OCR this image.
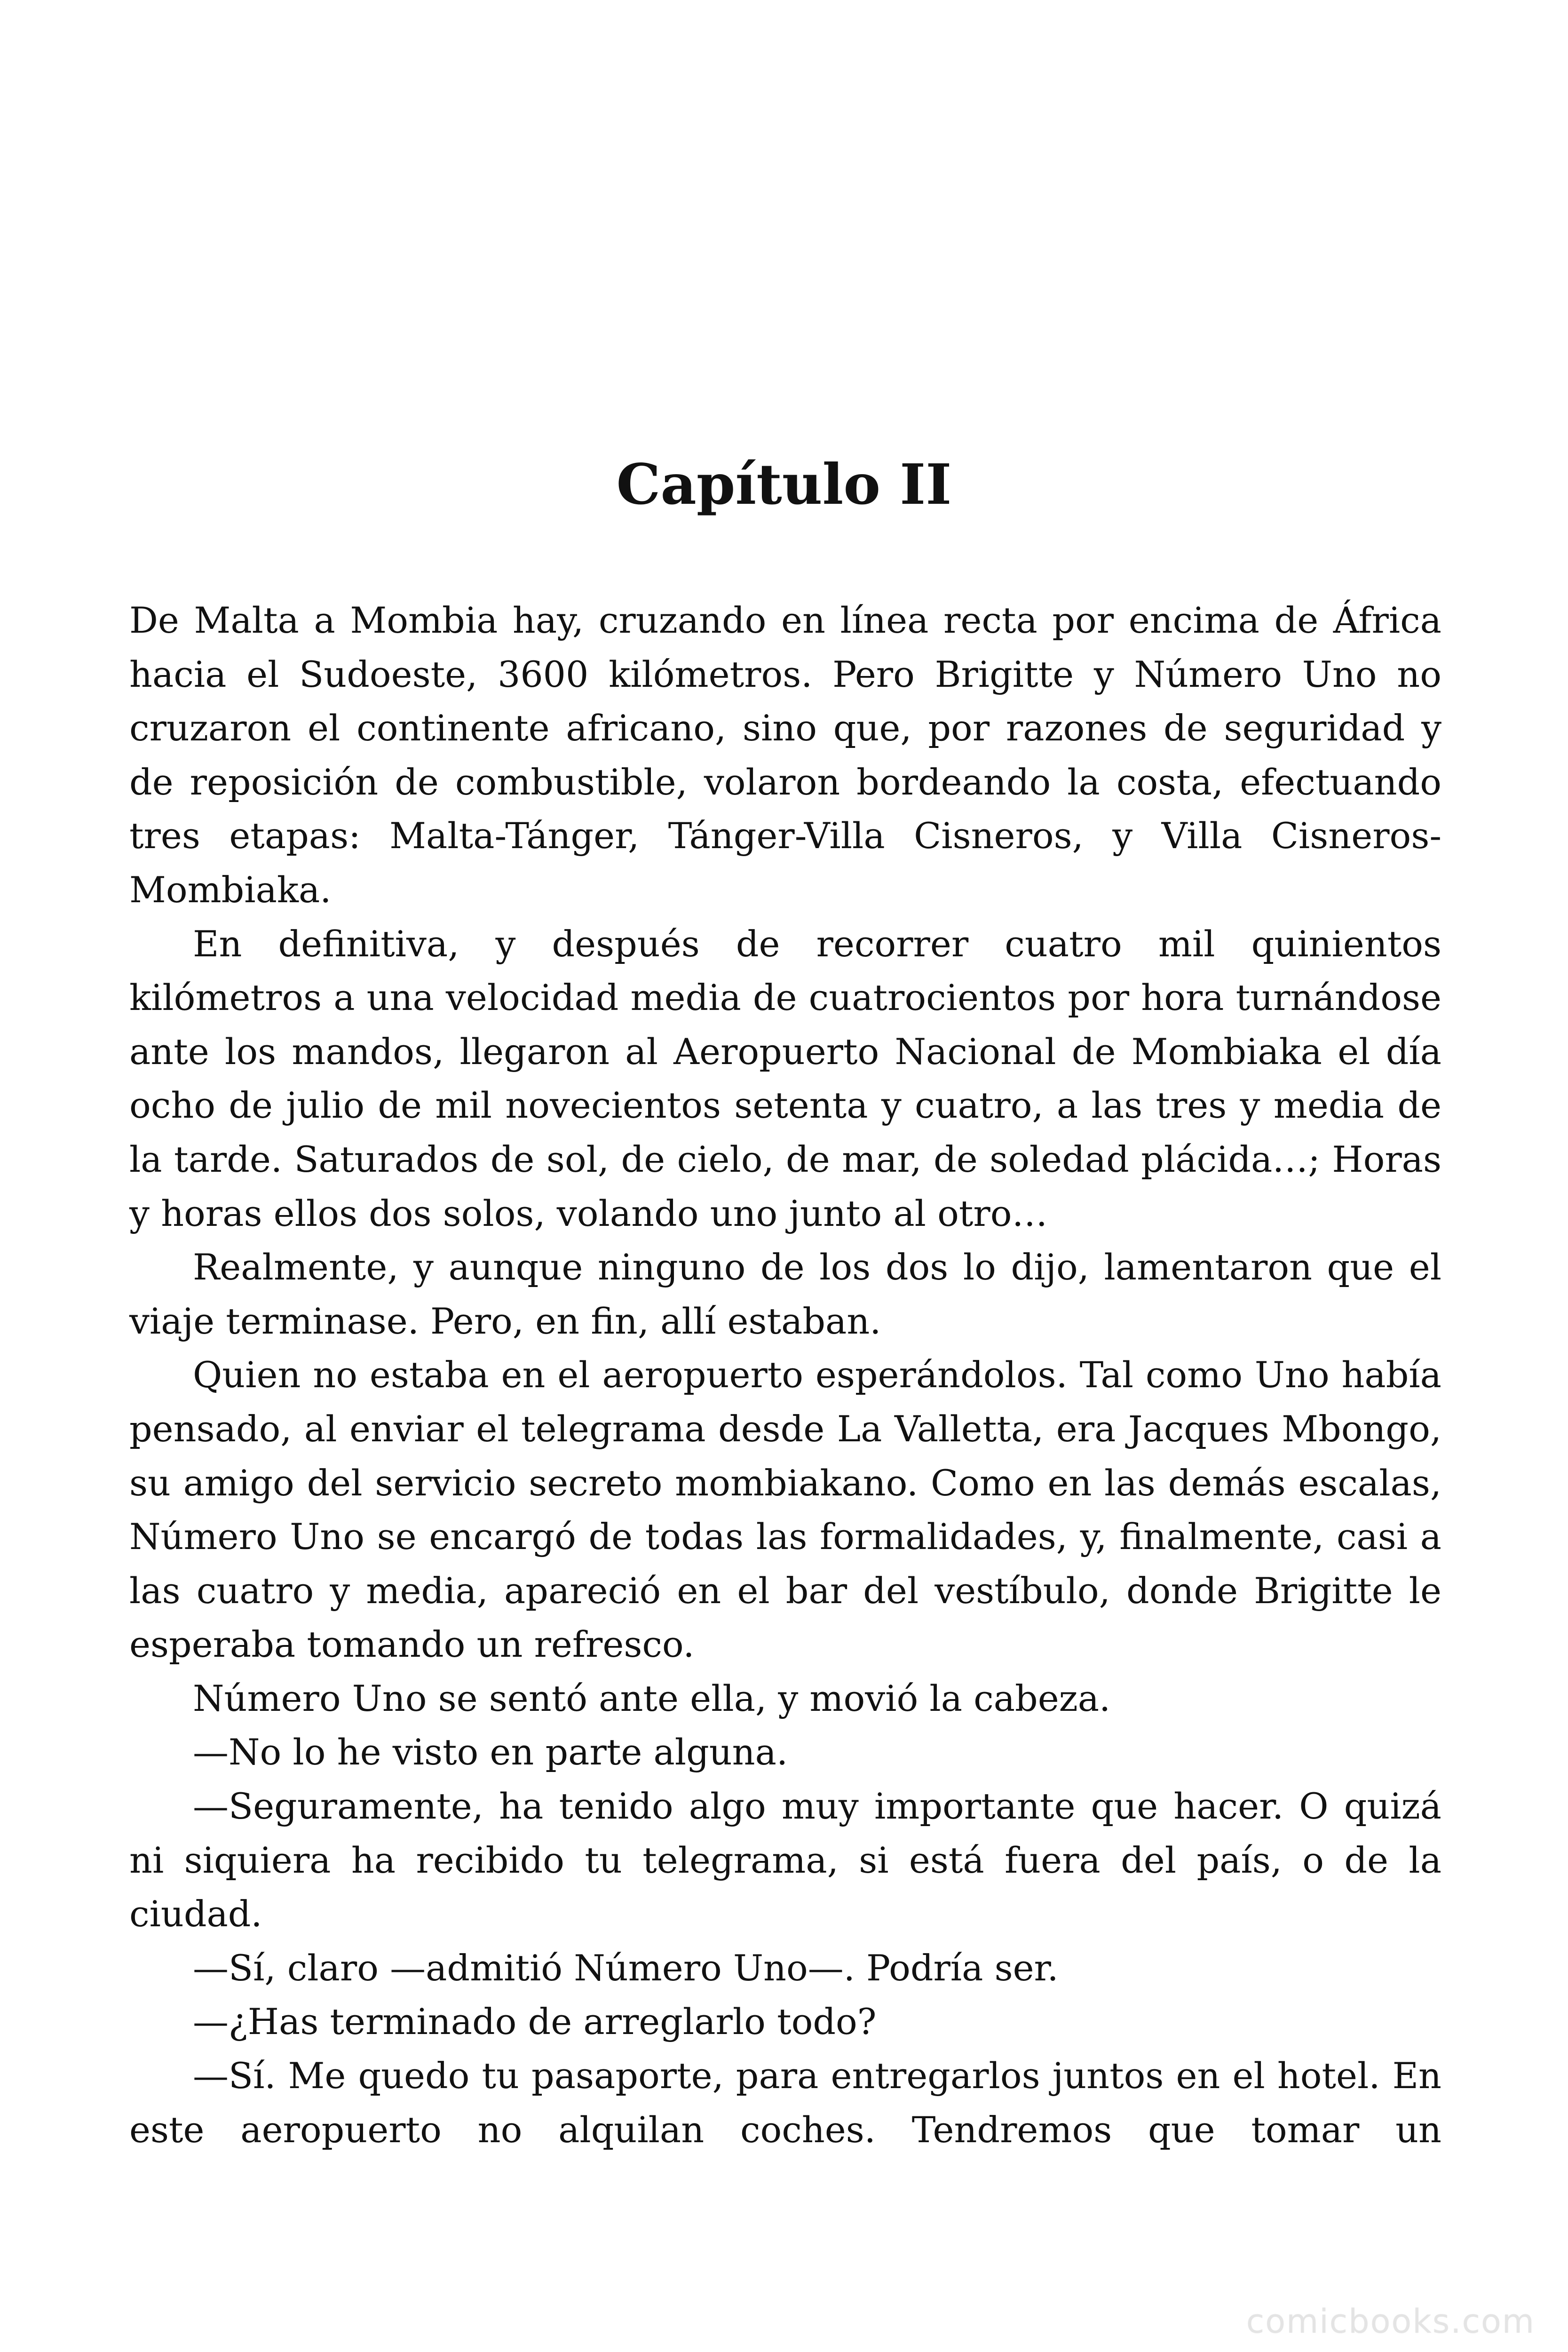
Capítulo II

De Malta a Mombia hay, cruzando en línea recta por encima de África hacia el Sudoeste, 3600 kilómetros. Pero Brigitte y Número Uno no cruzaron el continente africano, sino que, por razones de seguridad y de reposición de combustible, volaron bordeando la costa, efectuando tres etapas: Malta-Tánger, Tánger-Villa Cisneros, y Villa Cisneros-Mombiaka.

En definitiva, y después de recorrer cuatro mil quinientos kilómetros a una velocidad media de cuatrocientos por hora turnándose ante los mandos, llegaron al Aeropuerto Nacional de Mombiaka el día ocho de julio de mil novecientos setenta y cuatro, a las tres y media de la tarde. Saturados de sol, de cielo, de mar, de soledad plácida…; Horas y horas ellos dos solos, volando uno junto al otro…

Realmente, y aunque ninguno de los dos lo dijo, lamentaron que el viaje terminase. Pero, en fin, allí estaban.

Quien no estaba en el aeropuerto esperándolos. Tal como Uno había pensado, al enviar el telegrama desde La Valletta, era Jacques Mbongo, su amigo del servicio secreto mombiakano. Como en las demás escalas, Número Uno se encargó de todas las formalidades, y, finalmente, casi a las cuatro y media, apareció en el bar del vestíbulo, donde Brigitte le esperaba tomando un refresco.

Número Uno se sentó ante ella, y movió la cabeza.

—No lo he visto en parte alguna.

—Seguramente, ha tenido algo muy importante que hacer. O quizá ni siquiera ha recibido tu telegrama, si está fuera del país, o de la ciudad.

—Sí, claro —admitió Número Uno—. Podría ser.

—¿Has terminado de arreglarlo todo?

—Sí. Me quedo tu pasaporte, para entregarlos juntos en el hotel. En este aeropuerto no alquilan coches. Tendremos que tomar un

comicbooks.com
